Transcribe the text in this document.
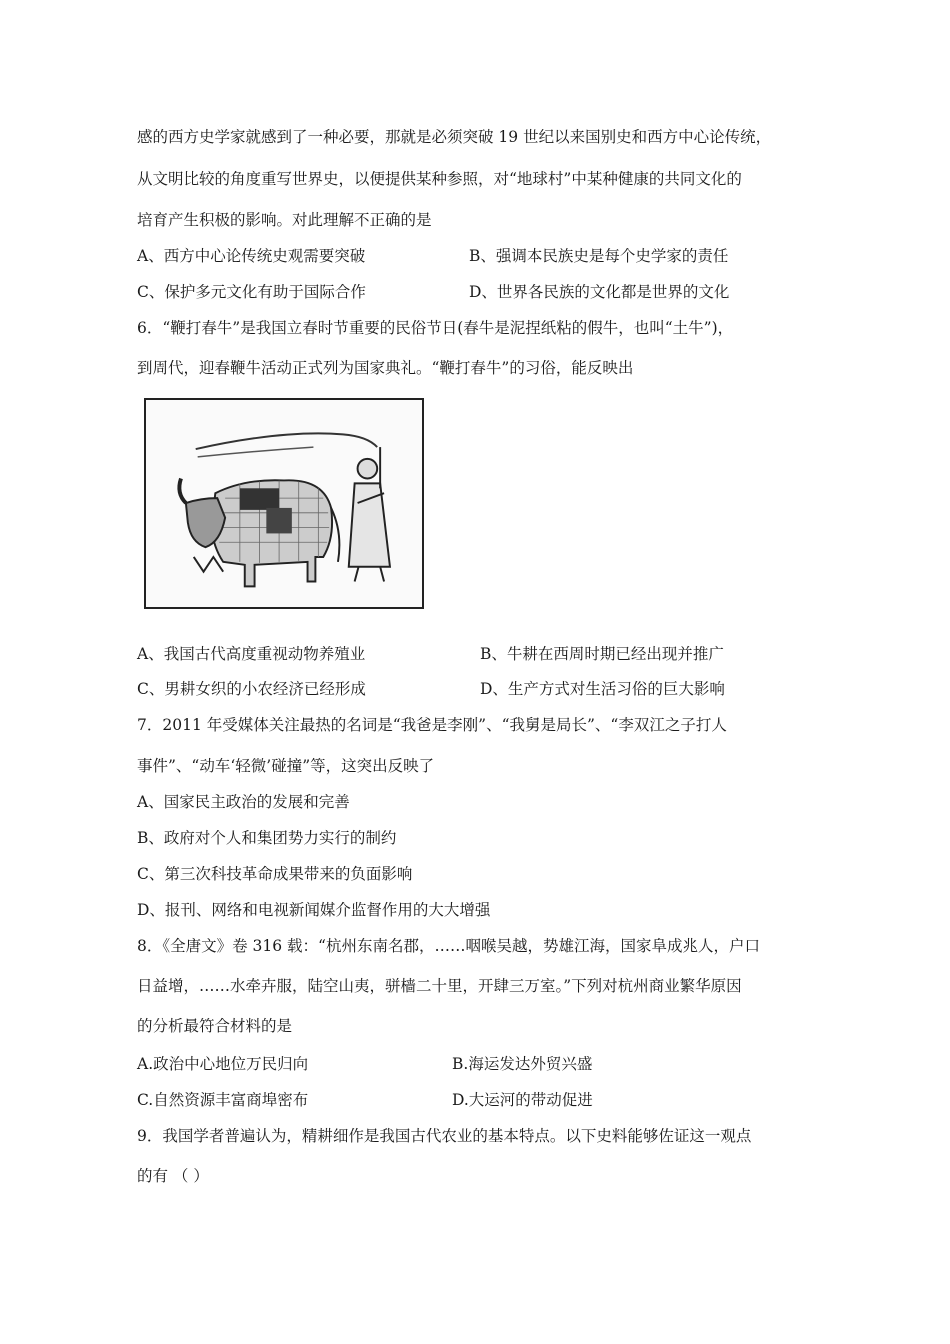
感的西方史学家就感到了一种必要，那就是必须突破 19 世纪以来国别史和西方中心论传统，
从文明比较的角度重写世界史，以便提供某种参照，对“地球村”中某种健康的共同文化的
培育产生积极的影响。对此理解不正确的是
A、西方中心论传统史观需要突破	B、强调本民族史是每个史学家的责任
C、保护多元文化有助于国际合作	D、世界各民族的文化都是世界的文化
6．“鞭打春牛”是我国立春时节重要的民俗节日(春牛是泥捏纸粘的假牛，也叫“土牛”)，
到周代，迎春鞭牛活动正式列为国家典礼。“鞭打春牛”的习俗，能反映出
A、我国古代高度重视动物养殖业	B、牛耕在西周时期已经出现并推广
C、男耕女织的小农经济已经形成	D、生产方式对生活习俗的巨大影响
7．2011 年受媒体关注最热的名词是“我爸是李刚”、“我舅是局长”、“李双江之子打人
事件”、“动车‘轻微’碰撞”等，这突出反映了
A、国家民主政治的发展和完善
B、政府对个人和集团势力实行的制约
C、第三次科技革命成果带来的负面影响
D、报刊、网络和电视新闻媒介监督作用的大大增强
8．《全唐文》卷 316 载：“杭州东南名郡，……咽喉吴越，势雄江海，国家阜成兆人，户口
日益增，……水牵卉服，陆空山夷，骈樯二十里，开肆三万室。”下列对杭州商业繁华原因
的分析最符合材料的是
A.政治中心地位万民归向	B.海运发达外贸兴盛
C.自然资源丰富商埠密布	D.大运河的带动促进
9．我国学者普遍认为，精耕细作是我国古代农业的基本特点。以下史料能够佐证这一观点
的有 （ ）
